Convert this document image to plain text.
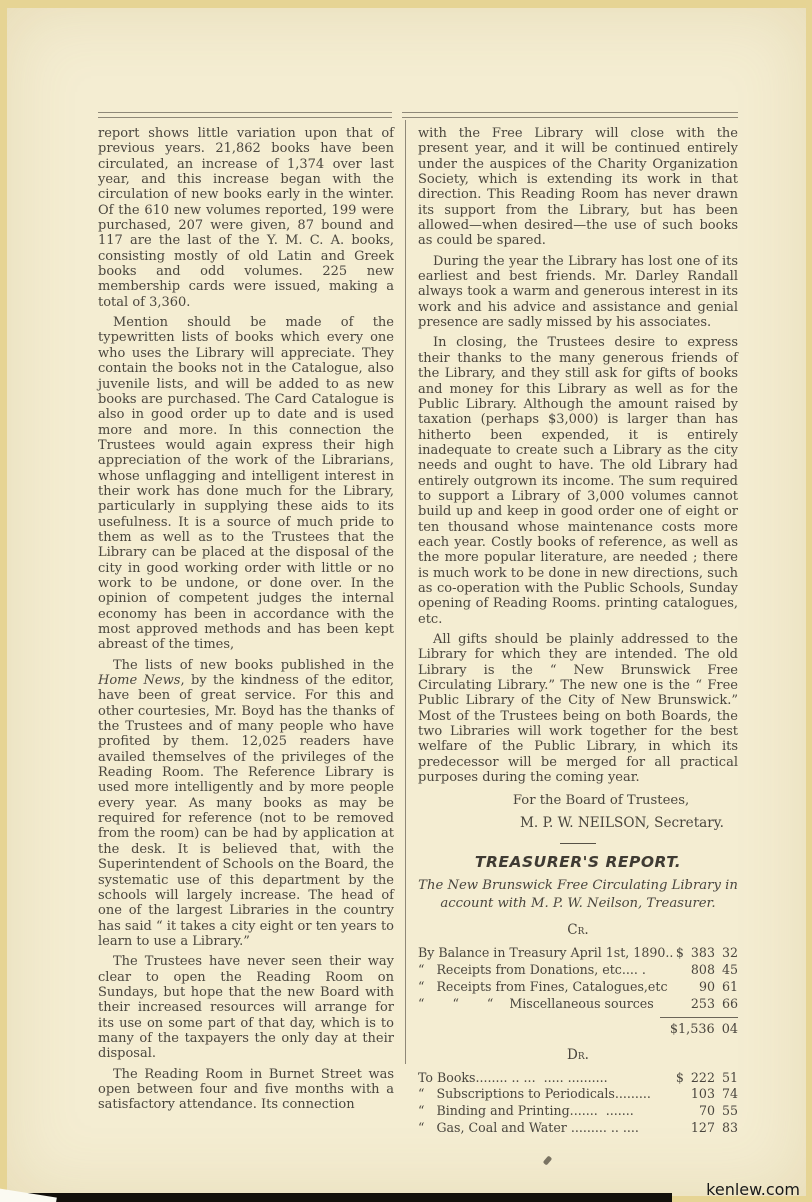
report shows little variation upon that of previous years. 21,862 books have been circulated, an increase of 1,374 over last year, and this increase began with the circulation of new books early in the winter. Of the 610 new volumes reported, 199 were purchased, 207 were given, 87 bound and 117 are the last of the Y. M. C. A. books, consisting mostly of old Latin and Greek books and odd volumes. 225 new membership cards were issued, making a total of 3,360.

Mention should be made of the typewritten lists of books which every one who uses the Library will appreciate. They contain the books not in the Catalogue, also juvenile lists, and will be added to as new books are purchased. The Card Catalogue is also in good order up to date and is used more and more. In this connection the Trustees would again express their high appreciation of the work of the Librarians, whose unflagging and intelligent interest in their work has done much for the Library, particularly in supplying these aids to its usefulness. It is a source of much pride to them as well as to the Trustees that the Library can be placed at the disposal of the city in good working order with little or no work to be undone, or done over. In the opinion of competent judges the internal economy has been in accordance with the most approved methods and has been kept abreast of the times,

The lists of new books published in the Home News, by the kindness of the editor, have been of great service. For this and other courtesies, Mr. Boyd has the thanks of the Trustees and of many people who have profited by them. 12,025 readers have availed themselves of the privileges of the Reading Room. The Reference Library is used more intelligently and by more people every year. As many books as may be required for reference (not to be removed from the room) can be had by application at the desk. It is believed that, with the Superintendent of Schools on the Board, the systematic use of this department by the schools will largely increase. The head of one of the largest Libraries in the country has said “ it takes a city eight or ten years to learn to use a Library.”

The Trustees have never seen their way clear to open the Reading Room on Sundays, but hope that the new Board with their increased resources will arrange for its use on some part of that day, which is to many of the taxpayers the only day at their disposal.

The Reading Room in Burnet Street was open between four and five months with a satisfactory attendance. Its connection

with the Free Library will close with the present year, and it will be continued entirely under the auspices of the Charity Organization Society, which is extending its work in that direction. This Reading Room has never drawn its support from the Library, but has been allowed—when desired—the use of such books as could be spared.

During the year the Library has lost one of its earliest and best friends. Mr. Darley Randall always took a warm and generous interest in its work and his advice and assistance and genial presence are sadly missed by his associates.

In closing, the Trustees desire to express their thanks to the many generous friends of the Library, and they still ask for gifts of books and money for this Library as well as for the Public Library. Although the amount raised by taxation (perhaps $3,000) is larger than has hitherto been expended, it is entirely inadequate to create such a Library as the city needs and ought to have. The old Library had entirely outgrown its income. The sum required to support a Library of 3,000 volumes cannot build up and keep in good order one of eight or ten thousand whose maintenance costs more each year. Costly books of reference, as well as the more popular literature, are needed ; there is much work to be done in new directions, such as co-operation with the Public Schools, Sunday opening of Reading Rooms. printing catalogues, etc.

All gifts should be plainly addressed to the Library for which they are intended. The old Library is the “ New Brunswick Free Circulating Library.” The new one is the “ Free Public Library of the City of New Brunswick.” Most of the Trustees being on both Boards, the two Libraries will work together for the best welfare of the Public Library, in which its predecessor will be merged for all practical purposes during the coming year.

For the Board of Trustees,
M. P. W. NEILSON, Secretary.
TREASURER'S REPORT.
The New Brunswick Free Circulating Library in
account with M. P. W. Neilson, Treasurer.
Cr.
By Balance in Treasury April 1st, 1890.. $ 383 32
“   Receipts from Donations, etc.... .	808 45
“   Receipts from Fines, Catalogues,etc	90 61
“       “       “    Miscellaneous sources	253 66
$1,536 04
Dr.
To Books........ .. ...  ..... ..........	$ 222 51
“   Subscriptions to Periodicals.........	103 74
“   Binding and Printing.......  .......	70 55
“   Gas, Coal and Water ......... .. ....	127 83
kenlew.com
